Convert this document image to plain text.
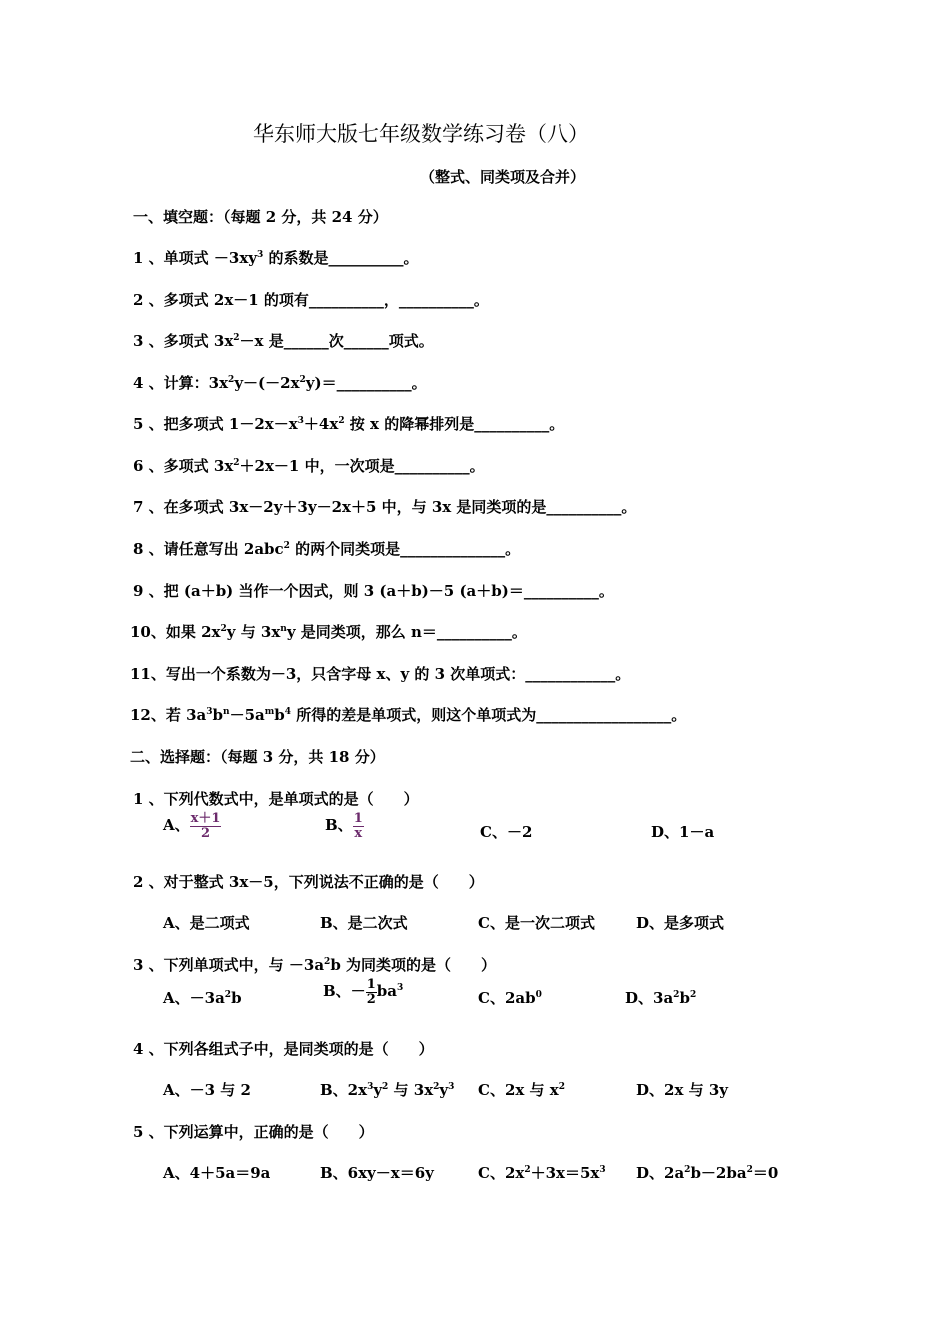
华东师大版七年级数学练习卷（八）
（整式、同类项及合并）
一、填空题：（每题 2 分，共 24 分）
1 、单项式 $-3xy^3$ 的系数是__________。
2 、多项式 2x－1 的项有__________，__________。
3 、多项式 $3x^2-x$ 是______次______项式。
4 、计算：$3x^2y-(-2x^2y)=\_\_\_\_\_\_\_\_\_\_$。
5 、把多项式 $1-2x-x^3+4x^2$ 按 x 的降幂排列是__________。
6 、多项式 $3x^2+2x-1$ 中，一次项是__________。
7 、在多项式 3x－2y＋3y－2x＋5 中，与 3x 是同类项的是__________。
8 、请任意写出 2abc$^2$ 的两个同类项是______________。
9 、把 (a＋b) 当作一个因式，则 3 (a＋b)－5 (a＋b)＝__________。
10、如果 $2x^2y$ 与 $3x^ny$ 是同类项，那么 n＝__________。
11、写出一个系数为－3，只含字母 x、y 的 3 次单项式：____________。
12、若 $3a^3b^n-5a^mb^4$ 所得的差是单项式，则这个单项式为__________________。
二、选择题：（每题 3 分，共 18 分）
1 、下列代数式中，是单项式的是（　　）
A、 $\frac{x+1}{2}$	B、 $\frac{1}{x}$	C、－2	D、1－a
2 、对于整式 3x－5，下列说法不正确的是（　　）
A、是二项式	B、是二次式	C、是一次二项式	D、是多项式
3 、下列单项式中，与 $-3a^2b$ 为同类项的是（　　）
A、$-3a^2b$	B、－ $\frac{1}{2} ba^3$
C、$2ab^0$	D、$3a^2b^2$
4 、下列各组式子中，是同类项的是（　　）
A、－3 与 2	B、$2x^3y^2$ 与 $3x^2y^3$ C、2x 与 $x^2$	D、2x 与 3y
5 、下列运算中，正确的是（　　）
A、4＋5a＝9a	B、6xy－x＝6y	C、$2x^2+3x=5x^3$ D、$2a^2b-2ba^2=0$
